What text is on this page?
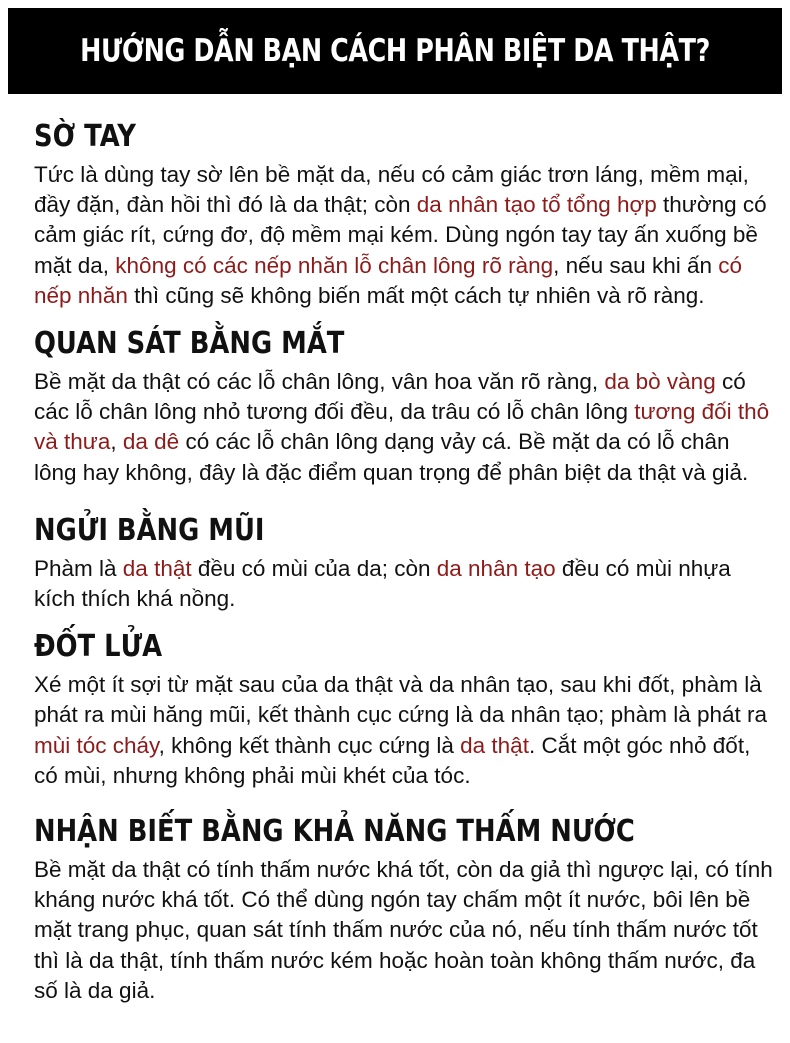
HƯỚNG DẪN BẠN CÁCH PHÂN BIỆT DA THẬT?
SỜ TAY

Tức là dùng tay sờ lên bề mặt da, nếu có cảm giác trơn láng, mềm mại, đầy đặn, đàn hồi thì đó là da thật; còn da nhân tạo tổ tổng hợp thường có cảm giác rít, cứng đơ, độ mềm mại kém. Dùng ngón tay tay ấn xuống bề mặt da, không có các nếp nhăn lỗ chân lông rõ ràng, nếu sau khi ấn có nếp nhăn thì cũng sẽ không biến mất một cách tự nhiên và rõ ràng.

QUAN SÁT BẰNG MẮT

Bề mặt da thật có các lỗ chân lông, vân hoa văn rõ ràng, da bò vàng có các lỗ chân lông nhỏ tương đối đều, da trâu có lỗ chân lông tương đối thô và thưa, da dê có các lỗ chân lông dạng vảy cá. Bề mặt da có lỗ chân lông hay không, đây là đặc điểm quan trọng để phân biệt da thật và giả.

NGỬI BẰNG MŨI

Phàm là da thật đều có mùi của da; còn da nhân tạo đều có mùi nhựa kích thích khá nồng.

ĐỐT LỬA

Xé một ít sợi từ mặt sau của da thật và da nhân tạo, sau khi đốt, phàm là phát ra mùi hăng mũi, kết thành cục cứng là da nhân tạo; phàm là phát ra mùi tóc cháy, không kết thành cục cứng là da thật. Cắt một góc nhỏ đốt, có mùi, nhưng không phải mùi khét của tóc.

NHẬN BIẾT BẰNG KHẢ NĂNG THẤM NƯỚC

Bề mặt da thật có tính thấm nước khá tốt, còn da giả thì ngược lại, có tính kháng nước khá tốt. Có thể dùng ngón tay chấm một ít nước, bôi lên bề mặt trang phục, quan sát tính thấm nước của nó, nếu tính thấm nước tốt thì là da thật, tính thấm nước kém hoặc hoàn toàn không thấm nước, đa số là da giả.
